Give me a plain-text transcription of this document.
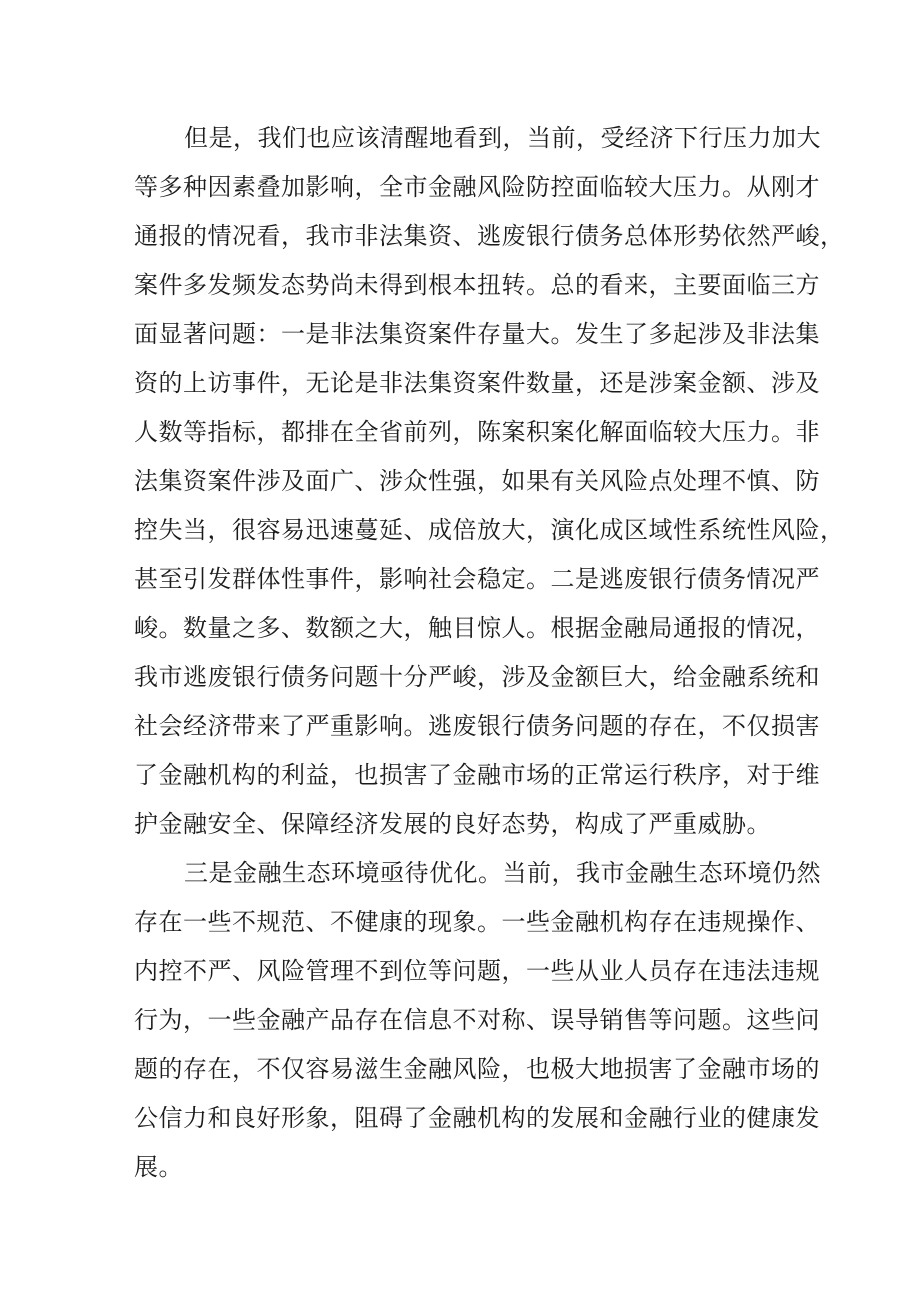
但是，我们也应该清醒地看到，当前，受经济下行压力加大
等多种因素叠加影响，全市金融风险防控面临较大压力。从刚才
通报的情况看，我市非法集资、逃废银行债务总体形势依然严峻，
案件多发频发态势尚未得到根本扭转。总的看来，主要面临三方
面显著问题：一是非法集资案件存量大。发生了多起涉及非法集
资的上访事件，无论是非法集资案件数量，还是涉案金额、涉及
人数等指标，都排在全省前列，陈案积案化解面临较大压力。非
法集资案件涉及面广、涉众性强，如果有关风险点处理不慎、防
控失当，很容易迅速蔓延、成倍放大，演化成区域性系统性风险，
甚至引发群体性事件，影响社会稳定。二是逃废银行债务情况严
峻。数量之多、数额之大，触目惊人。根据金融局通报的情况，
我市逃废银行债务问题十分严峻，涉及金额巨大，给金融系统和
社会经济带来了严重影响。逃废银行债务问题的存在，不仅损害
了金融机构的利益，也损害了金融市场的正常运行秩序，对于维
护金融安全、保障经济发展的良好态势，构成了严重威胁。
三是金融生态环境亟待优化。当前，我市金融生态环境仍然
存在一些不规范、不健康的现象。一些金融机构存在违规操作、
内控不严、风险管理不到位等问题，一些从业人员存在违法违规
行为，一些金融产品存在信息不对称、误导销售等问题。这些问
题的存在，不仅容易滋生金融风险，也极大地损害了金融市场的
公信力和良好形象，阻碍了金融机构的发展和金融行业的健康发
展。
